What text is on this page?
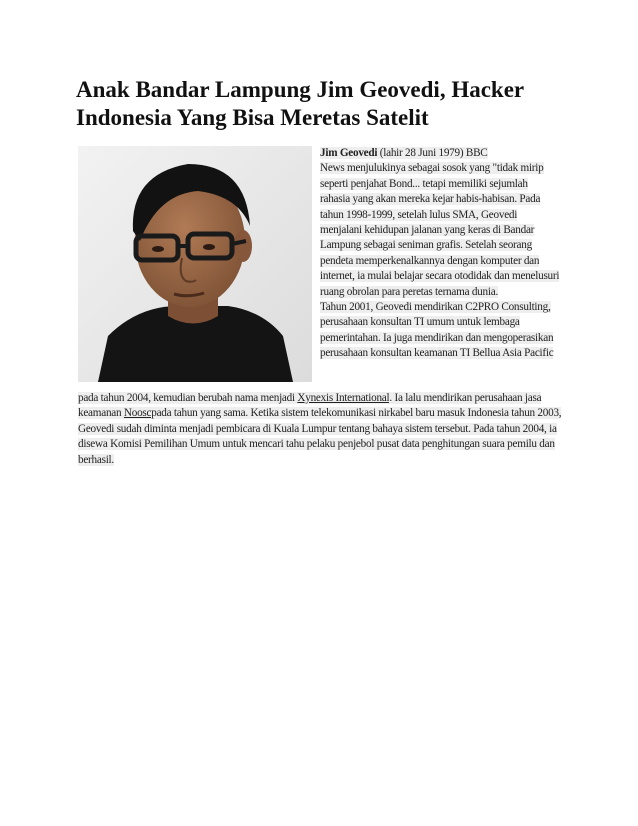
Anak Bandar Lampung Jim Geovedi, Hacker Indonesia Yang Bisa Meretas Satelit
Jim Geovedi (lahir 28 Juni 1979) BBC
News menjulukinya sebagai sosok yang "tidak mirip seperti penjahat Bond... tetapi memiliki sejumlah rahasia yang akan mereka kejar habis-habisan. Pada tahun 1998-1999, setelah lulus SMA, Geovedi menjalani kehidupan jalanan yang keras di Bandar Lampung sebagai seniman grafis. Setelah seorang pendeta memperkenalkannya dengan komputer dan internet, ia mulai belajar secara otodidak dan menelusuri ruang obrolan para peretas ternama dunia.
Tahun 2001, Geovedi mendirikan C2PRO Consulting, perusahaan konsultan TI umum untuk lembaga pemerintahan. Ia juga mendirikan dan mengoperasikan perusahaan konsultan keamanan TI Bellua Asia Pacific
pada tahun 2004, kemudian berubah nama menjadi Xynexis International. Ia lalu mendirikan perusahaan jasa keamanan Nooscpada tahun yang sama. Ketika sistem telekomunikasi nirkabel baru masuk Indonesia tahun 2003, Geovedi sudah diminta menjadi pembicara di Kuala Lumpur tentang bahaya sistem tersebut. Pada tahun 2004, ia disewa Komisi Pemilihan Umum untuk mencari tahu pelaku penjebol pusat data penghitungan suara pemilu dan berhasil.
